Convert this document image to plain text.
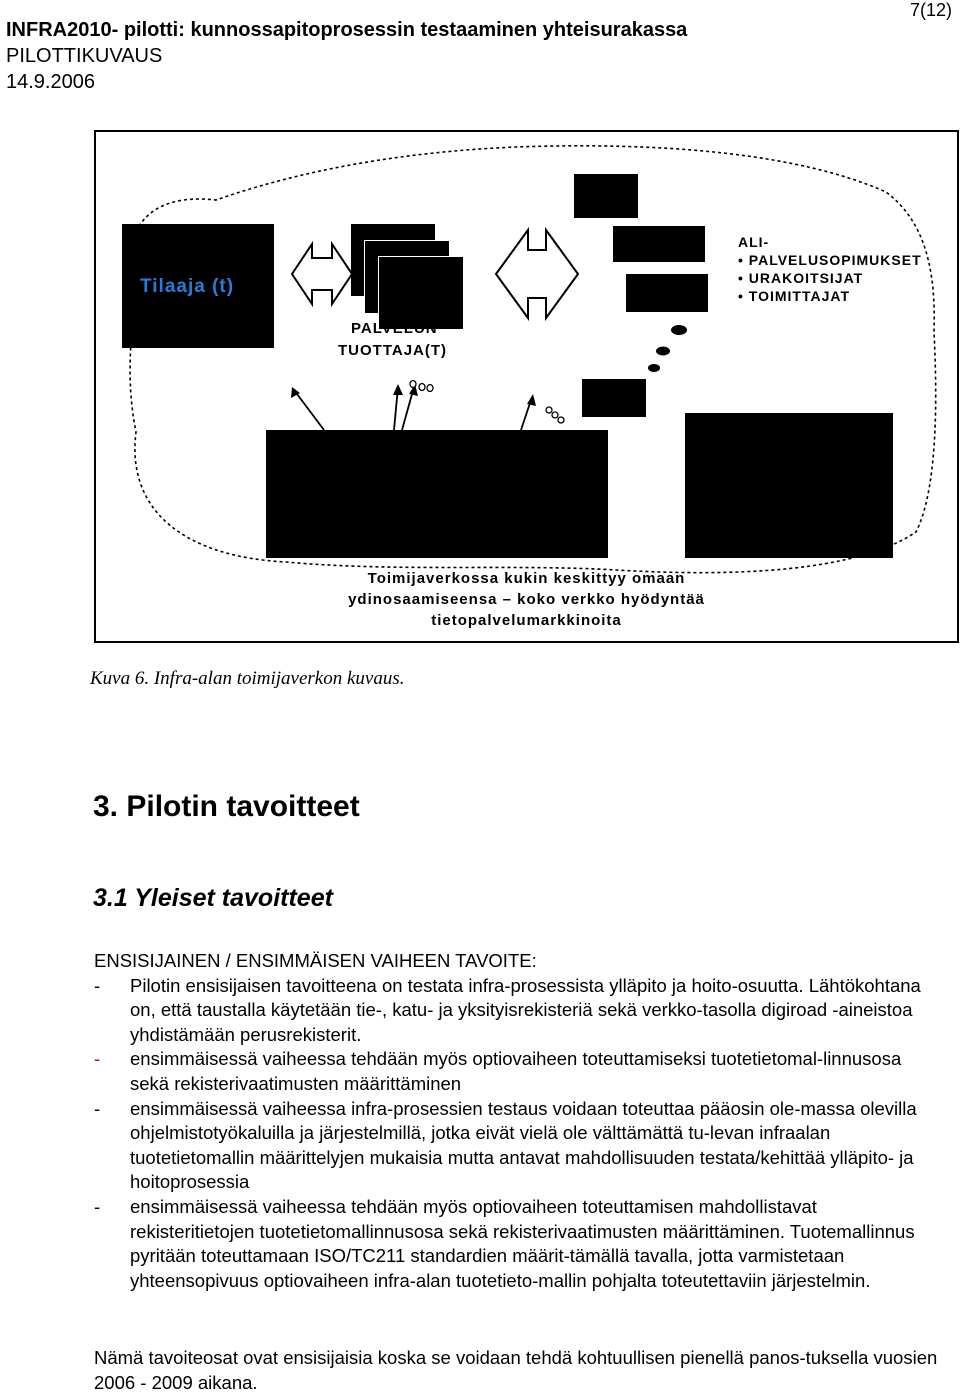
INFRA2010- pilotti: kunnossapitoprosessin testaaminen yhteisurakassa
PILOTTIKUVAUS
14.9.2006
7(12)
Tilaaja (t)
PALVELUN
TUOTTAJA(T)
ALI-
• PALVELUSOPIMUKSET
• URAKOITSIJAT
• TOIMITTAJAT
Toimijaverkossa kukin keskittyy omaan
ydinosaamiseensa – koko verkko hyödyntää
tietopalvelumarkkinoita
Kuva 6. Infra-alan toimijaverkon kuvaus.
3. Pilotin tavoitteet
3.1 Yleiset tavoitteet

ENSISIJAINEN / ENSIMMÄISEN VAIHEEN TAVOITE:

- Pilotin ensisijaisen tavoitteena on testata infra-prosessista ylläpito ja hoito-osuutta. Lähtökohtana on, että taustalla käytetään tie-, katu- ja yksityisrekisteriä sekä verkko-tasolla digiroad -aineistoa yhdistämään perusrekisterit.
- ensimmäisessä vaiheessa tehdään myös optiovaiheen toteuttamiseksi tuotetietomal-linnusosa sekä rekisterivaatimusten määrittäminen
- ensimmäisessä vaiheessa infra-prosessien testaus voidaan toteuttaa pääosin ole-massa olevilla ohjelmistotyökaluilla ja järjestelmillä, jotka eivät vielä ole välttämättä tu-levan infraalan tuotetietomallin määrittelyjen mukaisia mutta antavat mahdollisuuden testata/kehittää ylläpito- ja hoitoprosessia
- ensimmäisessä vaiheessa tehdään myös optiovaiheen toteuttamisen mahdollistavat rekisteritietojen tuotetietomallinnusosa sekä rekisterivaatimusten määrittäminen. Tuotemallinnus pyritään toteuttamaan ISO/TC211 standardien määrit-tämällä tavalla, jotta varmistetaan yhteensopivuus optiovaiheen infra-alan tuotetieto-mallin pohjalta toteutettaviin järjestelmin.
Nämä tavoiteosat ovat ensisijaisia koska se voidaan tehdä kohtuullisen pienellä panos-tuksella vuosien 2006 - 2009 aikana.
